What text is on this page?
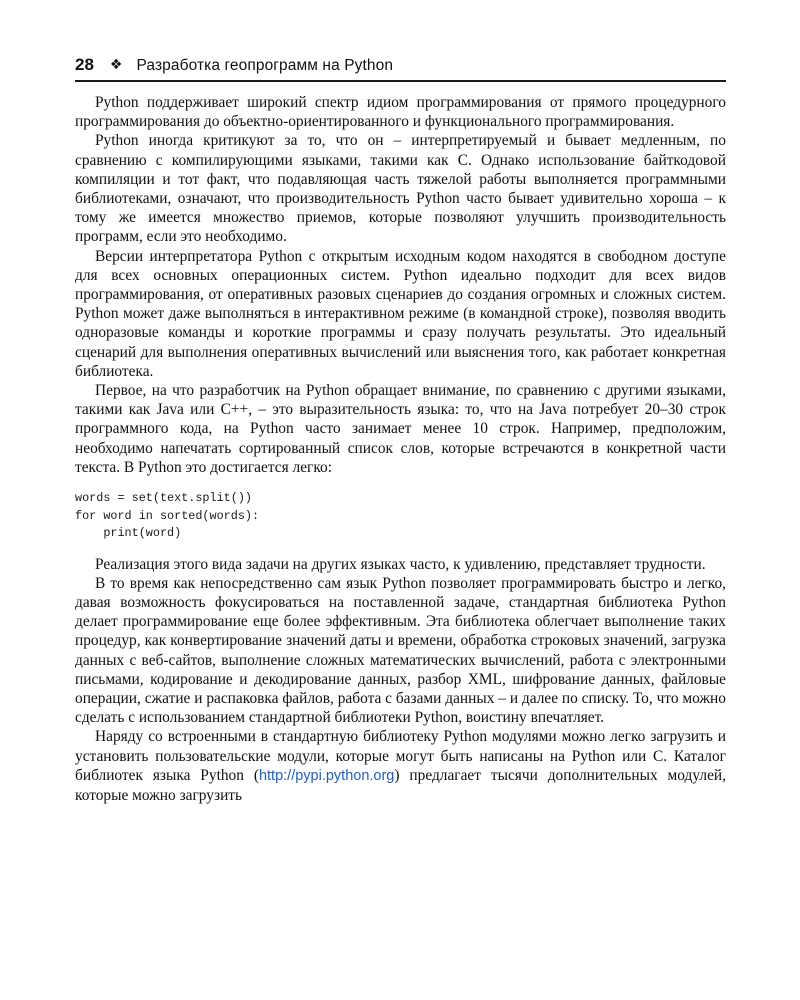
28 ❖ Разработка геопрограмм на Python

Python поддерживает широкий спектр идиом программирования от прямого процедурного программирования до объектно-ориентированного и функционального программирования.

Python иногда критикуют за то, что он – интерпретируемый и бывает медленным, по сравнению с компилирующими языками, такими как C. Однако использование байткодовой компиляции и тот факт, что подавляющая часть тяжелой работы выполняется программными библиотеками, означают, что производительность Python часто бывает удивительно хороша – к тому же имеется множество приемов, которые позволяют улучшить производительность программ, если это необходимо.

Версии интерпретатора Python с открытым исходным кодом находятся в свободном доступе для всех основных операционных систем. Python идеально подходит для всех видов программирования, от оперативных разовых сценариев до создания огромных и сложных систем. Python может даже выполняться в интерактивном режиме (в командной строке), позволяя вводить одноразовые команды и короткие программы и сразу получать результаты. Это идеальный сценарий для выполнения оперативных вычислений или выяснения того, как работает конкретная библиотека.

Первое, на что разработчик на Python обращает внимание, по сравнению с другими языками, такими как Java или C++, – это выразительность языка: то, что на Java потребует 20–30 строк программного кода, на Python часто занимает менее 10 строк. Например, предположим, необходимо напечатать сортированный список слов, которые встречаются в конкретной части текста. В Python это достигается легко:

words = set(text.split())
for word in sorted(words):
print(word)

Реализация этого вида задачи на других языках часто, к удивлению, представляет трудности.

В то время как непосредственно сам язык Python позволяет программировать быстро и легко, давая возможность фокусироваться на поставленной задаче, стандартная библиотека Python делает программирование еще более эффективным. Эта библиотека облегчает выполнение таких процедур, как конвертирование значений даты и времени, обработка строковых значений, загрузка данных с веб-сайтов, выполнение сложных математических вычислений, работа с электронными письмами, кодирование и декодирование данных, разбор XML, шифрование данных, файловые операции, сжатие и распаковка файлов, работа с базами данных – и далее по списку. То, что можно сделать с использованием стандартной библиотеки Python, воистину впечатляет.

Наряду со встроенными в стандартную библиотеку Python модулями можно легко загрузить и установить пользовательские модули, которые могут быть написаны на Python или C. Каталог библиотек языка Python (http://pypi.python.org) предлагает тысячи дополнительных модулей, которые можно загрузить
